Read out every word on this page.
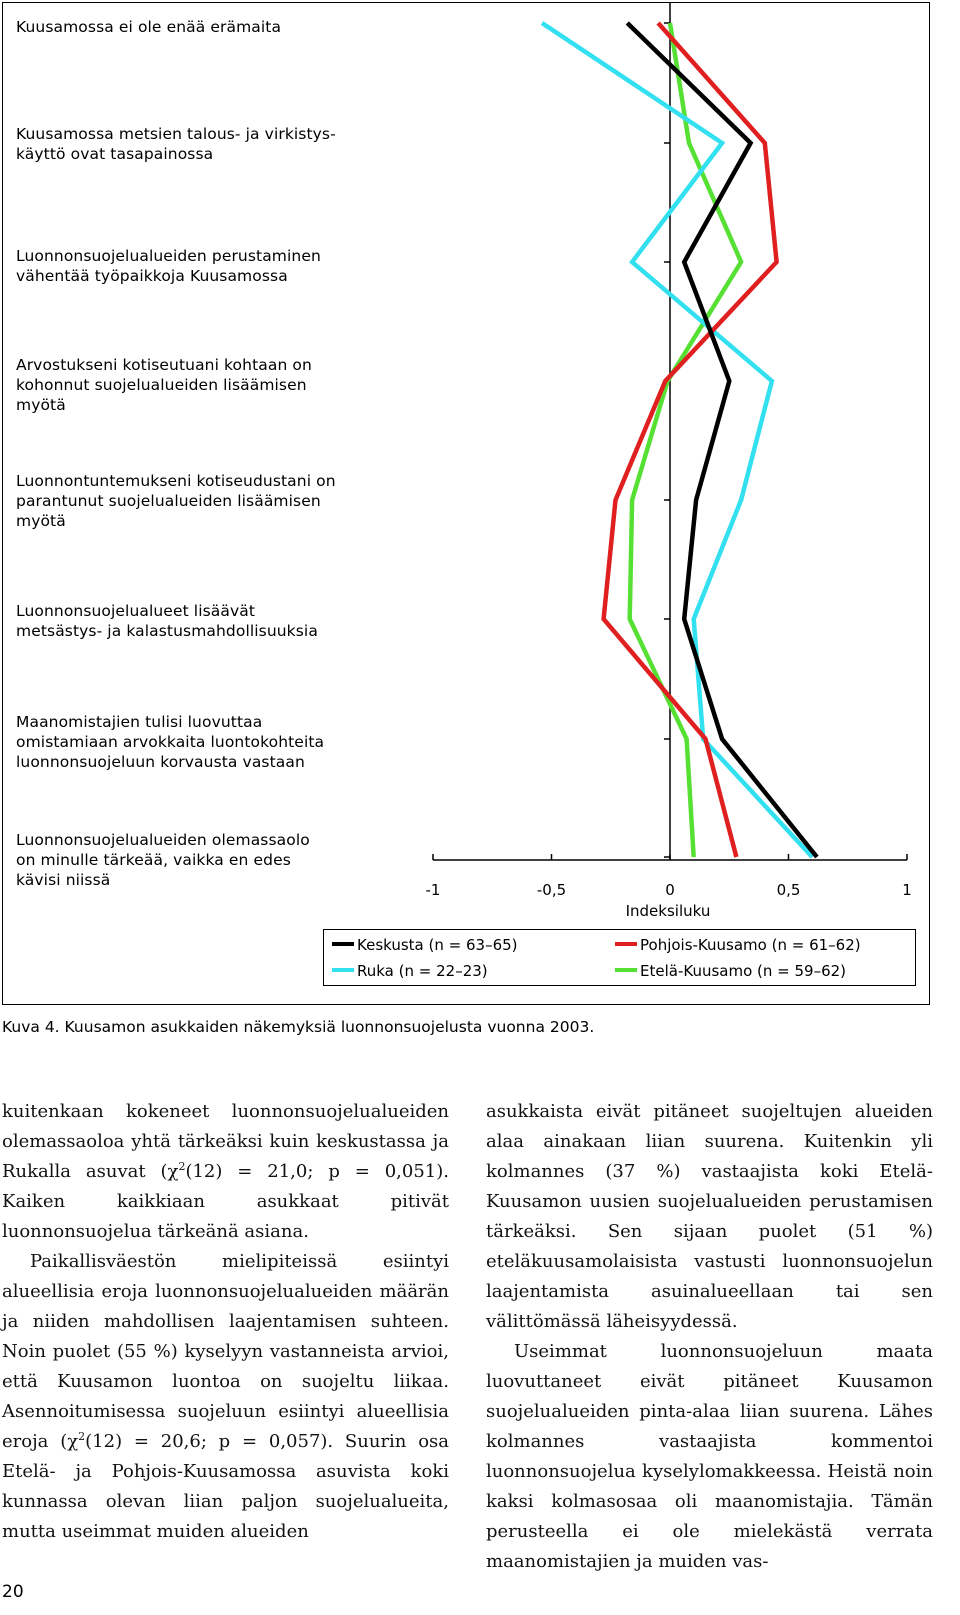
Kuusamossa ei ole enää erämaita
Kuusamossa metsien talous- ja virkistys-
käyttö ovat tasapainossa
Luonnonsuojelualueiden perustaminen
vähentää työpaikkoja Kuusamossa
Arvostukseni kotiseutuani kohtaan on
kohonnut suojelualueiden lisäämisen
myötä
Luonnontuntemukseni kotiseudustani on
parantunut suojelualueiden lisäämisen
myötä
Luonnonsuojelualueet lisäävät
metsästys- ja kalastusmahdollisuuksia
Maanomistajien tulisi luovuttaa
omistamiaan arvokkaita luontokohteita
luonnonsuojeluun korvausta vastaan
Luonnonsuojelualueiden olemassaolo
on minulle tärkeää, vaikka en edes
kävisi niissä
-1	-0,5	0	0,5	1
Indeksiluku
Keskusta (n = 63–65)	Pohjois-Kuusamo (n = 61–62)
Ruka (n = 22–23)	Etelä-Kuusamo (n = 59–62)
Kuva 4. Kuusamon asukkaiden näkemyksiä luonnonsuojelusta vuonna 2003.

kuitenkaan kokeneet luonnonsuojelualueiden olemassaoloa yhtä tärkeäksi kuin keskustassa ja Rukalla asuvat ($\chi^2(12) = 21,0$; p = 0,051). Kaiken kaikkiaan asukkaat pitivät luonnonsuojelua tärkeänä asiana.

Paikallisväestön mielipiteissä esiintyi alueellisia eroja luonnonsuojelualueiden määrän ja niiden mahdollisen laajentamisen suhteen. Noin puolet (55 %) kyselyyn vastanneista arvioi, että Kuusamon luontoa on suojeltu liikaa. Asennoitumisessa suojeluun esiintyi alueellisia eroja ($\chi^2(12) = 20,6$; p = 0,057). Suurin osa Etelä- ja Pohjois-Kuusamossa asuvista koki kunnassa olevan liian paljon suojelualueita, mutta useimmat muiden alueiden

asukkaista eivät pitäneet suojeltujen alueiden alaa ainakaan liian suurena. Kuitenkin yli kolmannes (37 %) vastaajista koki Etelä-Kuusamon uusien suojelualueiden perustamisen tärkeäksi. Sen sijaan puolet (51 %) eteläkuusamolaisista vastusti luonnonsuojelun laajentamista asuinalueellaan tai sen välittömässä läheisyydessä.

Useimmat luonnonsuojeluun maata luovuttaneet eivät pitäneet Kuusamon suojelualueiden pinta-alaa liian suurena. Lähes kolmannes vastaajista kommentoi luonnonsuojelua kyselylomakkeessa. Heistä noin kaksi kolmasosaa oli maanomistajia. Tämän perusteella ei ole mielekästä verrata maanomistajien ja muiden vas-

20
